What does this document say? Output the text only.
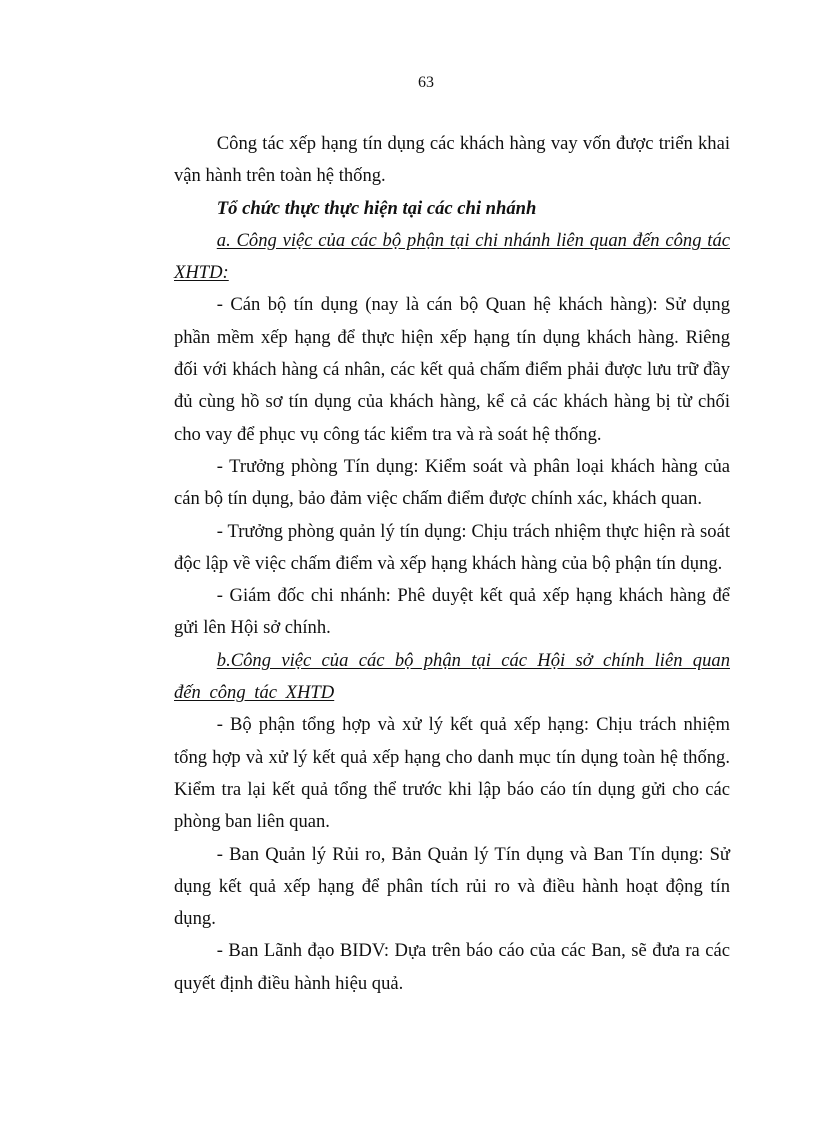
63

Công tác xếp hạng tín dụng các khách hàng vay vốn được triển khai vận hành trên toàn hệ thống.

Tổ chức thực thực hiện tại các chi nhánh

a. Công việc của các bộ phận tại chi nhánh liên quan đến công tác XHTD:

- Cán bộ tín dụng (nay là cán bộ Quan hệ khách hàng): Sử dụng phần mềm xếp hạng để thực hiện xếp hạng tín dụng khách hàng. Riêng đối với khách hàng cá nhân, các kết quả chấm điểm phải được lưu trữ đầy đủ cùng hồ sơ tín dụng của khách hàng, kể cả các khách hàng bị từ chối cho vay để phục vụ công tác kiểm tra và rà soát hệ thống.

- Trưởng phòng Tín dụng: Kiểm soát và phân loại khách hàng của cán bộ tín dụng, bảo đảm việc chấm điểm được chính xác, khách quan.

- Trưởng phòng quản lý tín dụng: Chịu trách nhiệm thực hiện rà soát độc lập về việc chấm điểm và xếp hạng khách hàng của bộ phận tín dụng.

- Giám đốc chi nhánh: Phê duyệt kết quả xếp hạng khách hàng để gửi lên Hội sở chính.

b.Công việc của các bộ phận tại các Hội sở chính liên quan đến công tác XHTD

- Bộ phận tổng hợp và xử lý kết quả xếp hạng: Chịu trách nhiệm tổng hợp và xử lý kết quả xếp hạng cho danh mục tín dụng toàn hệ thống. Kiểm tra lại kết quả tổng thể trước khi lập báo cáo tín dụng gửi cho các phòng ban liên quan.

- Ban Quản lý Rủi ro, Bản Quản lý Tín dụng và Ban Tín dụng: Sử dụng kết quả xếp hạng để phân tích rủi ro và điều hành hoạt động tín dụng.

- Ban Lãnh đạo BIDV: Dựa trên báo cáo của các Ban, sẽ đưa ra các quyết định điều hành hiệu quả.
